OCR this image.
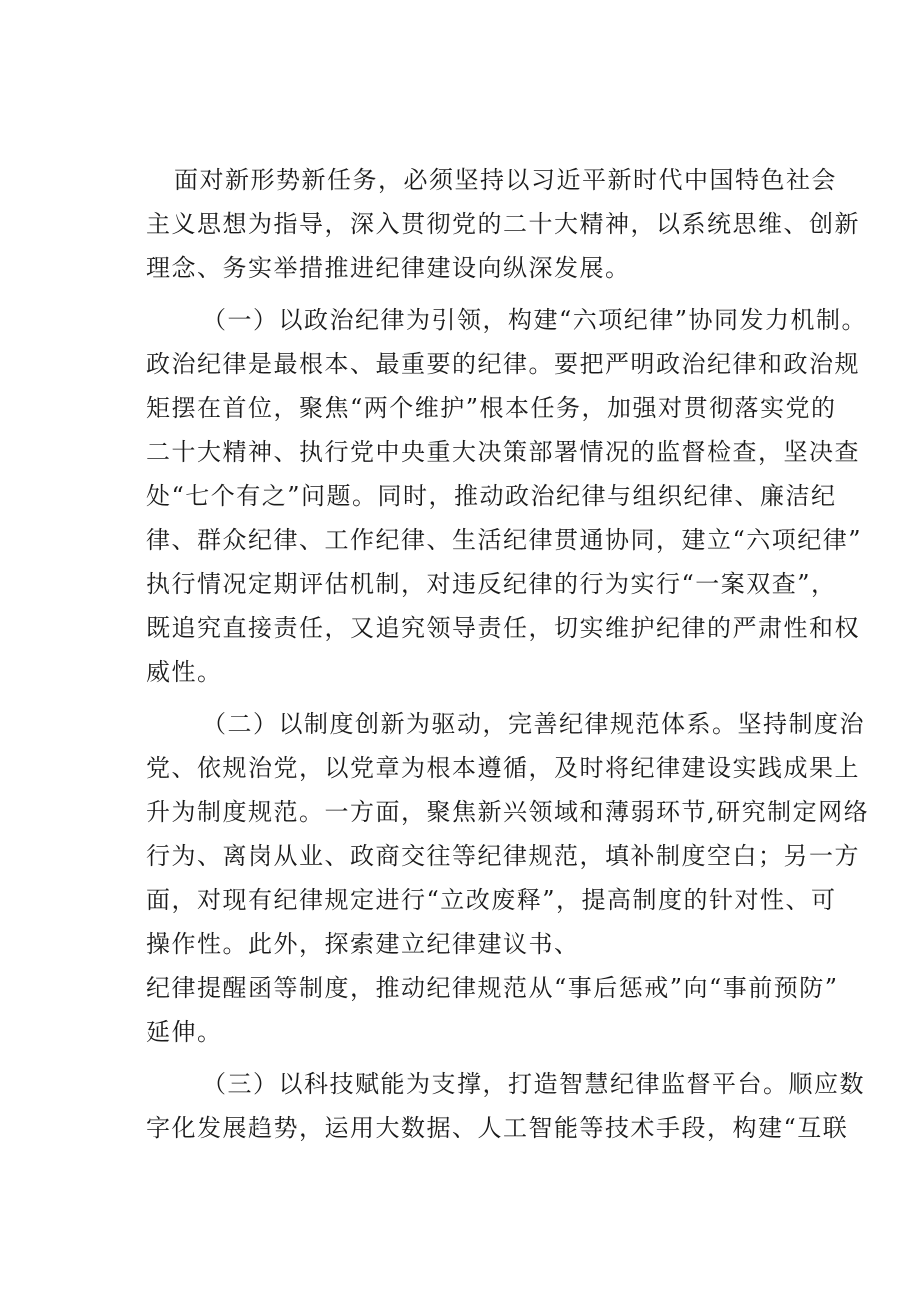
面对新形势新任务，必须坚持以习近平新时代中国特色社会
主义思想为指导，深入贯彻党的二十大精神，以系统思维、创新
理念、务实举措推进纪律建设向纵深发展。
（一）以政治纪律为引领，构建“六项纪律”协同发力机制。
政治纪律是最根本、最重要的纪律。要把严明政治纪律和政治规
矩摆在首位，聚焦“两个维护”根本任务，加强对贯彻落实党的
二十大精神、执行党中央重大决策部署情况的监督检查，坚决查
处“七个有之”问题。同时，推动政治纪律与组织纪律、廉洁纪
律、群众纪律、工作纪律、生活纪律贯通协同，建立“六项纪律”
执行情况定期评估机制，对违反纪律的行为实行“一案双查”，
既追究直接责任，又追究领导责任，切实维护纪律的严肃性和权
威性。
（二）以制度创新为驱动，完善纪律规范体系。坚持制度治
党、依规治党，以党章为根本遵循，及时将纪律建设实践成果上
升为制度规范。一方面，聚焦新兴领域和薄弱环节,研究制定网络
行为、离岗从业、政商交往等纪律规范，填补制度空白；另一方
面，对现有纪律规定进行“立改废释”，提高制度的针对性、可
操作性。此外，探索建立纪律建议书、
纪律提醒函等制度，推动纪律规范从“事后惩戒”向“事前预防”
延伸。
（三）以科技赋能为支撑，打造智慧纪律监督平台。顺应数
字化发展趋势，运用大数据、人工智能等技术手段，构建“互联
